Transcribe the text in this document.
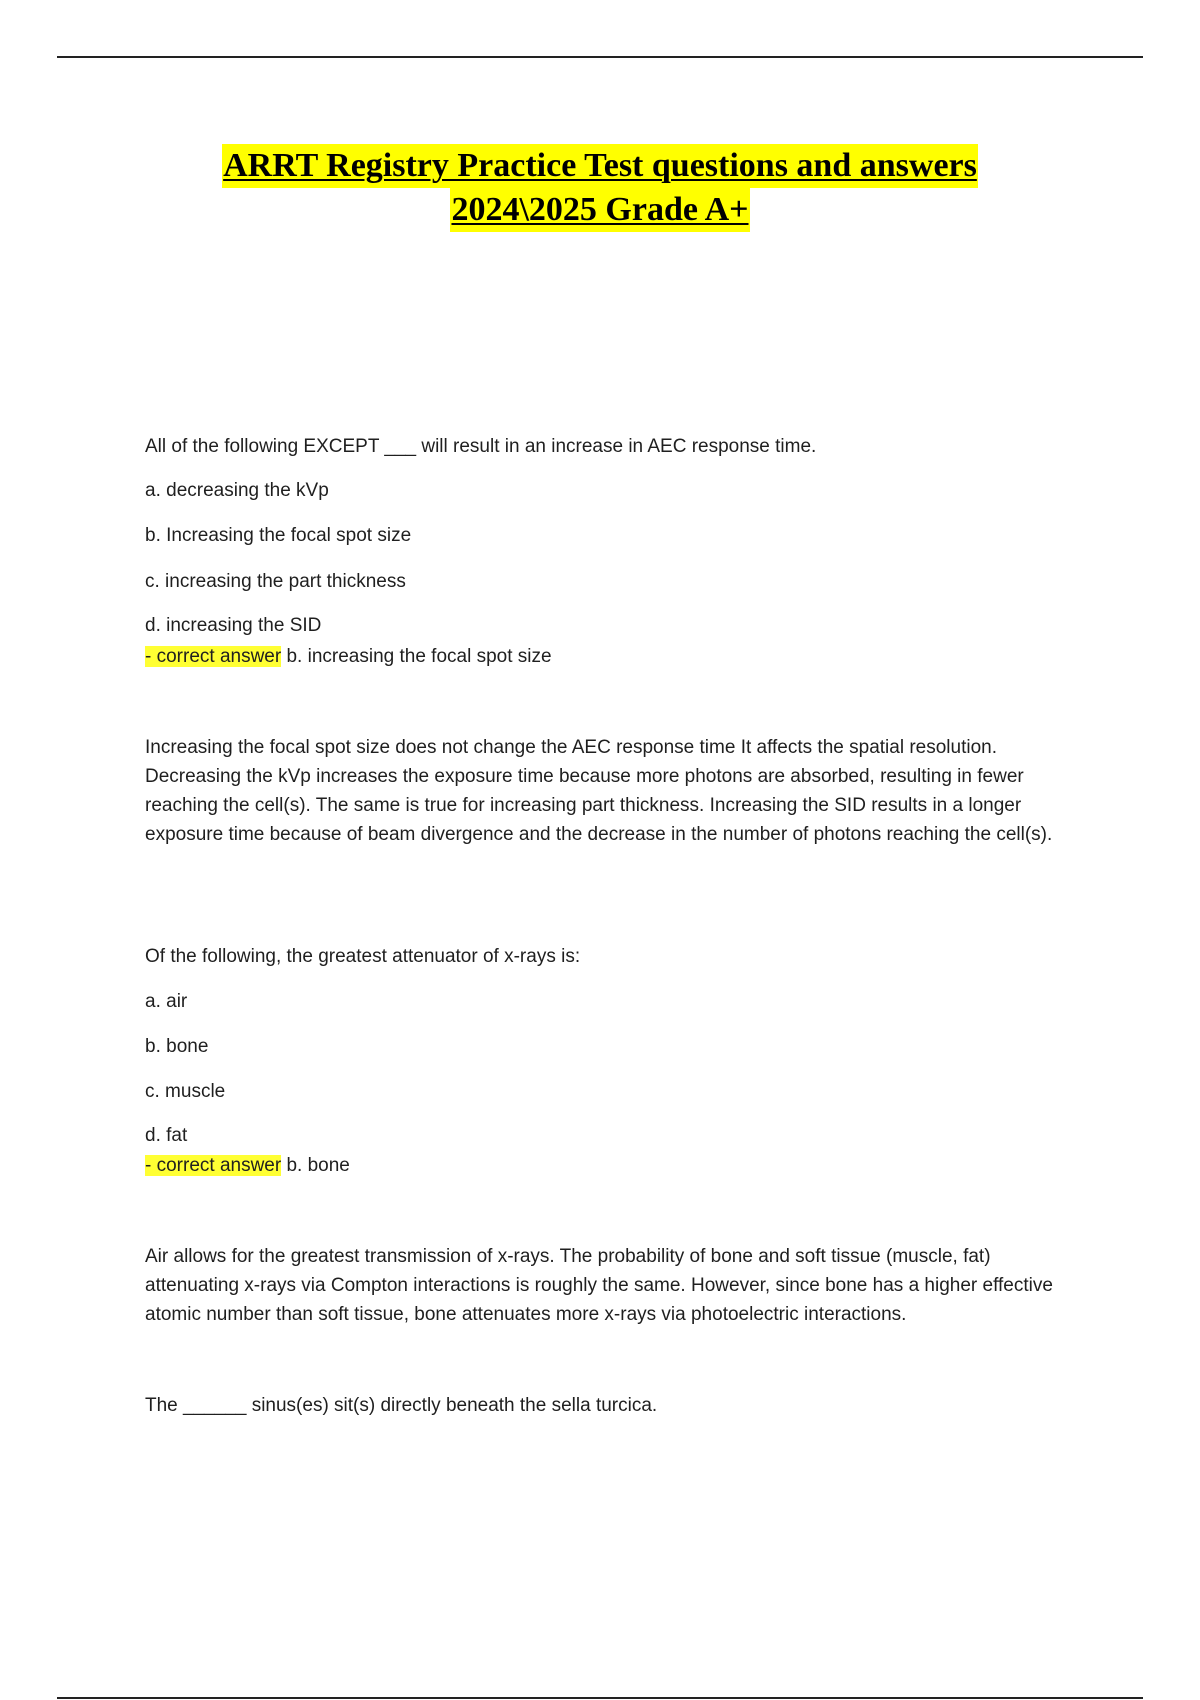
ARRT Registry Practice Test questions and answers
2024\2025 Grade A+
All of the following EXCEPT ___ will result in an increase in AEC response time.
a. decreasing the kVp
b. Increasing the focal spot size
c. increasing the part thickness
d. increasing the SID
- correct answer b. increasing the focal spot size
Increasing the focal spot size does not change the AEC response time It affects the spatial resolution. Decreasing the kVp increases the exposure time because more photons are absorbed, resulting in fewer reaching the cell(s). The same is true for increasing part thickness. Increasing the SID results in a longer exposure time because of beam divergence and the decrease in the number of photons reaching the cell(s).
Of the following, the greatest attenuator of x-rays is:
a. air
b. bone
c. muscle
d. fat
- correct answer b. bone
Air allows for the greatest transmission of x-rays. The probability of bone and soft tissue (muscle, fat) attenuating x-rays via Compton interactions is roughly the same. However, since bone has a higher effective atomic number than soft tissue, bone attenuates more x-rays via photoelectric interactions.
The ______ sinus(es) sit(s) directly beneath the sella turcica.
